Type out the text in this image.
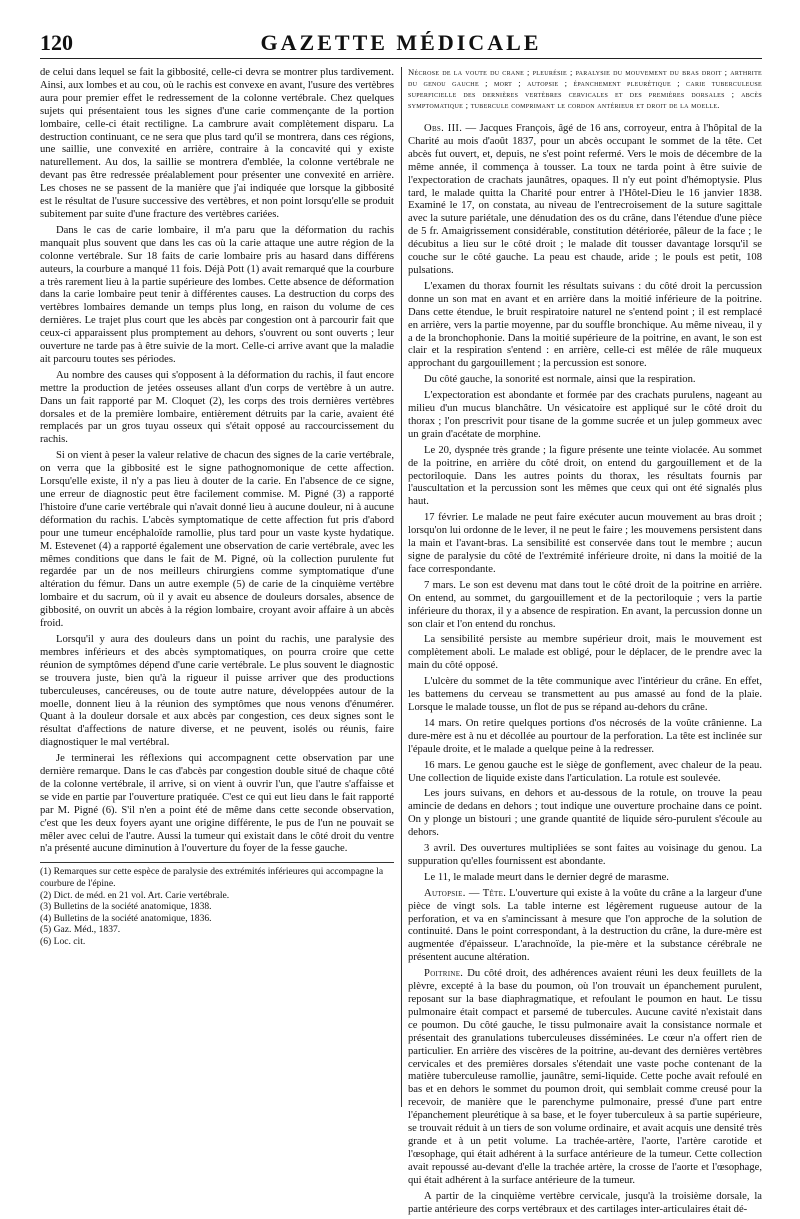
120	GAZETTE MÉDICALE

de celui dans lequel se fait la gibbosité, celle-ci devra se montrer plus tardivement. Ainsi, aux lombes et au cou, où le rachis est convexe en avant, l'usure des vertèbres aura pour premier effet le redressement de la colonne vertébrale. Chez quelques sujets qui présentaient tous les signes d'une carie commençante de la portion lombaire, celle-ci était rectiligne. La cambrure avait complètement disparu. La destruction continuant, ce ne sera que plus tard qu'il se montrera, dans ces régions, une saillie, une convexité en arrière, contraire à la concavité qui y existe naturellement. Au dos, la saillie se montrera d'emblée, la colonne vertébrale ne devant pas être redressée préalablement pour présenter une convexité en arrière. Les choses ne se passent de la manière que j'ai indiquée que lorsque la gibbosité est le résultat de l'usure successive des vertèbres, et non point lorsqu'elle se produit subitement par suite d'une fracture des vertèbres cariées.

Dans le cas de carie lombaire, il m'a paru que la déformation du rachis manquait plus souvent que dans les cas où la carie attaque une autre région de la colonne vertébrale. Sur 18 faits de carie lombaire pris au hasard dans différens auteurs, la courbure a manqué 11 fois. Déjà Pott (1) avait remarqué que la courbure a très rarement lieu à la partie supérieure des lombes. Cette absence de déformation dans la carie lombaire peut tenir à différentes causes. La destruction du corps des vertèbres lombaires demande un temps plus long, en raison du volume de ces dernières. Le trajet plus court que les abcès par congestion ont à parcourir fait que ceux-ci apparaissent plus promptement au dehors, s'ouvrent ou sont ouverts ; leur ouverture ne tarde pas à être suivie de la mort. Celle-ci arrive avant que la maladie ait parcouru toutes ses périodes.

Au nombre des causes qui s'opposent à la déformation du rachis, il faut encore mettre la production de jetées osseuses allant d'un corps de vertèbre à un autre. Dans un fait rapporté par M. Cloquet (2), les corps des trois dernières vertèbres dorsales et de la première lombaire, entièrement détruits par la carie, avaient été remplacés par un gros tuyau osseux qui s'était opposé au raccourcissement du rachis.

Si on vient à peser la valeur relative de chacun des signes de la carie vertébrale, on verra que la gibbosité est le signe pathognomonique de cette affection. Lorsqu'elle existe, il n'y a pas lieu à douter de la carie. En l'absence de ce signe, une erreur de diagnostic peut être facilement commise. M. Pigné (3) a rapporté l'histoire d'une carie vertébrale qui n'avait donné lieu à aucune douleur, ni à aucune déformation du rachis. L'abcès symptomatique de cette affection fut pris d'abord pour une tumeur encéphaloïde ramollie, plus tard pour un vaste kyste hydatique. M. Estevenet (4) a rapporté également une observation de carie vertébrale, avec les mêmes conditions que dans le fait de M. Pigné, où la collection purulente fut regardée par un de nos meilleurs chirurgiens comme symptomatique d'une altération du fémur. Dans un autre exemple (5) de carie de la cinquième vertèbre lombaire et du sacrum, où il y avait eu absence de douleurs dorsales, absence de gibbosité, on ouvrit un abcès à la région lombaire, croyant avoir affaire à un abcès froid.

Lorsqu'il y aura des douleurs dans un point du rachis, une paralysie des membres inférieurs et des abcès symptomatiques, on pourra croire que cette réunion de symptômes dépend d'une carie vertébrale. Le plus souvent le diagnostic se trouvera juste, bien qu'à la rigueur il puisse arriver que des productions tuberculeuses, cancéreuses, ou de toute autre nature, développées autour de la moelle, donnent lieu à la réunion des symptômes que nous venons d'énumérer. Quant à la douleur dorsale et aux abcès par congestion, ces deux signes sont le résultat d'affections de nature diverse, et ne peuvent, isolés ou réunis, faire diagnostiquer le mal vertébral.

Je terminerai les réflexions qui accompagnent cette observation par une dernière remarque. Dans le cas d'abcès par congestion double situé de chaque côté de la colonne vertébrale, il arrive, si on vient à ouvrir l'un, que l'autre s'affaisse et se vide en partie par l'ouverture pratiquée. C'est ce qui eut lieu dans le fait rapporté par M. Pigné (6). S'il n'en a point été de même dans cette seconde observation, c'est que les deux foyers ayant une origine différente, le pus de l'un ne pouvait se mêler avec celui de l'autre. Aussi la tumeur qui existait dans le côté droit du ventre n'a présenté aucune diminution à l'ouverture du foyer de la fesse gauche.

(1) Remarques sur cette espèce de paralysie des extrémités inférieures qui accompagne la courbure de l'épine.
(2) Dict. de méd. en 21 vol. Art. Carie vertébrale.
(3) Bulletins de la société anatomique, 1838.
(4) Bulletins de la société anatomique, 1836.
(5) Gaz. Méd., 1837.
(6) Loc. cit.

Nécrose de la voute du crane ; pleurésie ; paralysie du mouvement du bras droit ; arthrite du genou gauche ; mort ; autopsie ; épanchement pleurétique ; carie tuberculeuse superficielle des dernières vertèbres cervicales et des premières dorsales ; abcès symptomatique ; tubercule comprimant le cordon antérieur et droit de la moelle.

Obs. III. — Jacques François, âgé de 16 ans, corroyeur, entra à l'hôpital de la Charité au mois d'août 1837, pour un abcès occupant le sommet de la tête. Cet abcès fut ouvert, et, depuis, ne s'est point refermé. Vers le mois de décembre de la même année, il commença à tousser. La toux ne tarda point à être suivie de l'expectoration de crachats jaunâtres, opaques. Il n'y eut point d'hémoptysie. Plus tard, le malade quitta la Charité pour entrer à l'Hôtel-Dieu le 16 janvier 1838. Examiné le 17, on constata, au niveau de l'entrecroisement de la suture sagittale avec la suture pariétale, une dénudation des os du crâne, dans l'étendue d'une pièce de 5 fr. Amaigrissement considérable, constitution détériorée, pâleur de la face ; le décubitus a lieu sur le côté droit ; le malade dit tousser davantage lorsqu'il se couche sur le côté gauche. La peau est chaude, aride ; le pouls est petit, 108 pulsations.

L'examen du thorax fournit les résultats suivans : du côté droit la percussion donne un son mat en avant et en arrière dans la moitié inférieure de la poitrine. Dans cette étendue, le bruit respiratoire naturel ne s'entend point ; il est remplacé en arrière, vers la partie moyenne, par du souffle bronchique. Au même niveau, il y a de la bronchophonie. Dans la moitié supérieure de la poitrine, en avant, le son est clair et la respiration s'entend : en arrière, celle-ci est mêlée de râle muqueux approchant du gargouillement ; la percussion est sonore.

Du côté gauche, la sonorité est normale, ainsi que la respiration.

L'expectoration est abondante et formée par des crachats purulens, nageant au milieu d'un mucus blanchâtre. Un vésicatoire est appliqué sur le côté droit du thorax ; l'on prescrivit pour tisane de la gomme sucrée et un julep gommeux avec un grain d'acétate de morphine.

Le 20, dyspnée très grande ; la figure présente une teinte violacée. Au sommet de la poitrine, en arrière du côté droit, on entend du gargouillement et de la pectoriloquie. Dans les autres points du thorax, les résultats fournis par l'auscultation et la percussion sont les mêmes que ceux qui ont été signalés plus haut.

17 février. Le malade ne peut faire exécuter aucun mouvement au bras droit ; lorsqu'on lui ordonne de le lever, il ne peut le faire ; les mouvemens persistent dans la main et l'avant-bras. La sensibilité est conservée dans tout le membre ; aucun signe de paralysie du côté de l'extrémité inférieure droite, ni dans la moitié de la face correspondante.

7 mars. Le son est devenu mat dans tout le côté droit de la poitrine en arrière. On entend, au sommet, du gargouillement et de la pectoriloquie ; vers la partie inférieure du thorax, il y a absence de respiration. En avant, la percussion donne un son clair et l'on entend du ronchus.

La sensibilité persiste au membre supérieur droit, mais le mouvement est complètement aboli. Le malade est obligé, pour le déplacer, de le prendre avec la main du côté opposé.

L'ulcère du sommet de la tête communique avec l'intérieur du crâne. En effet, les battemens du cerveau se transmettent au pus amassé au fond de la plaie. Lorsque le malade tousse, un flot de pus se répand au-dehors du crâne.

14 mars. On retire quelques portions d'os nécrosés de la voûte crânienne. La dure-mère est à nu et décollée au pourtour de la perforation. La tête est inclinée sur l'épaule droite, et le malade a quelque peine à la redresser.

16 mars. Le genou gauche est le siège de gonflement, avec chaleur de la peau. Une collection de liquide existe dans l'articulation. La rotule est soulevée.

Les jours suivans, en dehors et au-dessous de la rotule, on trouve la peau amincie de dedans en dehors ; tout indique une ouverture prochaine dans ce point. On y plonge un bistouri ; une grande quantité de liquide séro-purulent s'écoule au dehors.

3 avril. Des ouvertures multipliées se sont faites au voisinage du genou. La suppuration qu'elles fournissent est abondante.

Le 11, le malade meurt dans le dernier degré de marasme.

Autopsie. — Tête. L'ouverture qui existe à la voûte du crâne a la largeur d'une pièce de vingt sols. La table interne est légèrement rugueuse autour de la perforation, et va en s'amincissant à mesure que l'on approche de la solution de continuité. Dans le point correspondant, à la destruction du crâne, la dure-mère est augmentée d'épaisseur. L'arachnoïde, la pie-mère et la substance cérébrale ne présentent aucune altération.

Poitrine. Du côté droit, des adhérences avaient réuni les deux feuillets de la plèvre, excepté à la base du poumon, où l'on trouvait un épanchement purulent, reposant sur la base diaphragmatique, et refoulant le poumon en haut. Le tissu pulmonaire était compact et parsemé de tubercules. Aucune cavité n'existait dans ce poumon. Du côté gauche, le tissu pulmonaire avait la consistance normale et présentait des granulations tuberculeuses disséminées. Le cœur n'a offert rien de particulier. En arrière des viscères de la poitrine, au-devant des dernières vertèbres cervicales et des premières dorsales s'étendait une vaste poche contenant de la matière tuberculeuse ramollie, jaunâtre, semi-liquide. Cette poche avait refoulé en bas et en dehors le sommet du poumon droit, qui semblait comme creusé pour la recevoir, de manière que le parenchyme pulmonaire, pressé d'une part entre l'épanchement pleurétique à sa base, et le foyer tuberculeux à sa partie supérieure, se trouvait réduit à un tiers de son volume ordinaire, et avait acquis une densité très grande et à un petit volume. La trachée-artère, l'aorte, l'artère carotide et l'œsophage, qui était adhérent à la surface antérieure de la tumeur. Cette collection avait repoussé au-devant d'elle la trachée artère, la crosse de l'aorte et l'œsophage, qui était adhérent à la surface antérieure de la tumeur.

A partir de la cinquième vertèbre cervicale, jusqu'à la troisième dorsale, la partie antérieure des corps vertébraux et des cartilages inter-articulaires était dé-
